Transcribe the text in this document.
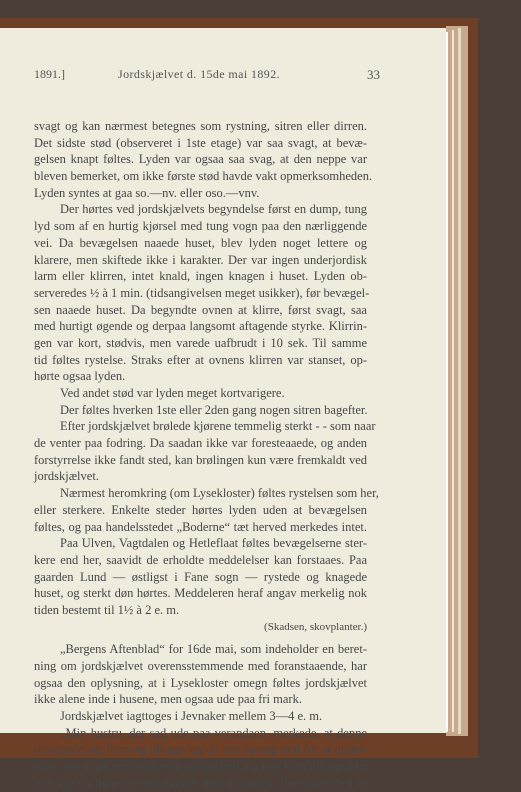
1891.]	Jordskjælvet d. 15de mai 1892.	33
svagt og kan nærmest betegnes som rystning, sitren eller dirren.
Det sidste stød (observeret i 1ste etage) var saa svagt, at bevæ-
gelsen knapt føltes. Lyden var ogsaa saa svag, at den neppe var
bleven bemerket, om ikke første stød havde vakt opmerksomheden.
Lyden syntes at gaa so.—nv. eller oso.—vnv.
Der hørtes ved jordskjælvets begyndelse først en dump, tung
lyd som af en hurtig kjørsel med tung vogn paa den nærliggende
vei. Da bevægelsen naaede huset, blev lyden noget lettere og
klarere, men skiftede ikke i karakter. Der var ingen underjordisk
larm eller klirren, intet knald, ingen knagen i huset. Lyden ob-
serveredes ½ à 1 min. (tidsangivelsen meget usikker), før bevægel-
sen naaede huset. Da begyndte ovnen at klirre, først svagt, saa
med hurtigt øgende og derpaa langsomt aftagende styrke. Klirrin-
gen var kort, stødvis, men varede uafbrudt i 10 sek. Til samme
tid føltes rystelse. Straks efter at ovnens klirren var stanset, op-
hørte ogsaa lyden.
Ved andet stød var lyden meget kortvarigere.
Der føltes hverken 1ste eller 2den gang nogen sitren bagefter.
Efter jordskjælvet brølede kjørene temmelig sterkt - - som naar
de venter paa fodring. Da saadan ikke var foresteaaede, og anden
forstyrrelse ikke fandt sted, kan brølingen kun være fremkaldt ved
jordskjælvet.
Nærmest heromkring (om Lysekloster) føltes rystelsen som her,
eller sterkere. Enkelte steder hørtes lyden uden at bevægelsen
føltes, og paa handelsstedet „Boderne“ tæt herved merkedes intet.
Paa Ulven, Vagtdalen og Hetleflaat føltes bevægelserne ster-
kere end her, saavidt de erholdte meddelelser kan forstaaes. Paa
gaarden Lund — østligst i Fane sogn — rystede og knagede
huset, og sterkt døn hørtes. Meddeleren heraf angav merkelig nok
tiden bestemt til 1½ à 2 e. m.
(Skadsen, skovplanter.)
„Bergens Aftenblad“ for 16de mai, som indeholder en beret-
ning om jordskjælvet overensstemmende med foranstaaende, har
ogsaa den oplysning, at i Lysekloster omegn føltes jordskjælvet
ikke alene inde i husene, men ogsaa ude paa fri mark.
Jordskjælvet iagttoges i Jevnaker mellem 3—4 e. m.
„Min hustru, der sad ude paa verandaen, merkede, at denne
bevægede sig frem og tilbage, og da hun sprang ned for at under-
søge, om noget menneske var aarsag heri, og hun kom tilbage, blev
hun var en lignende bevægelse. Min kontorist, der sad inde i et
